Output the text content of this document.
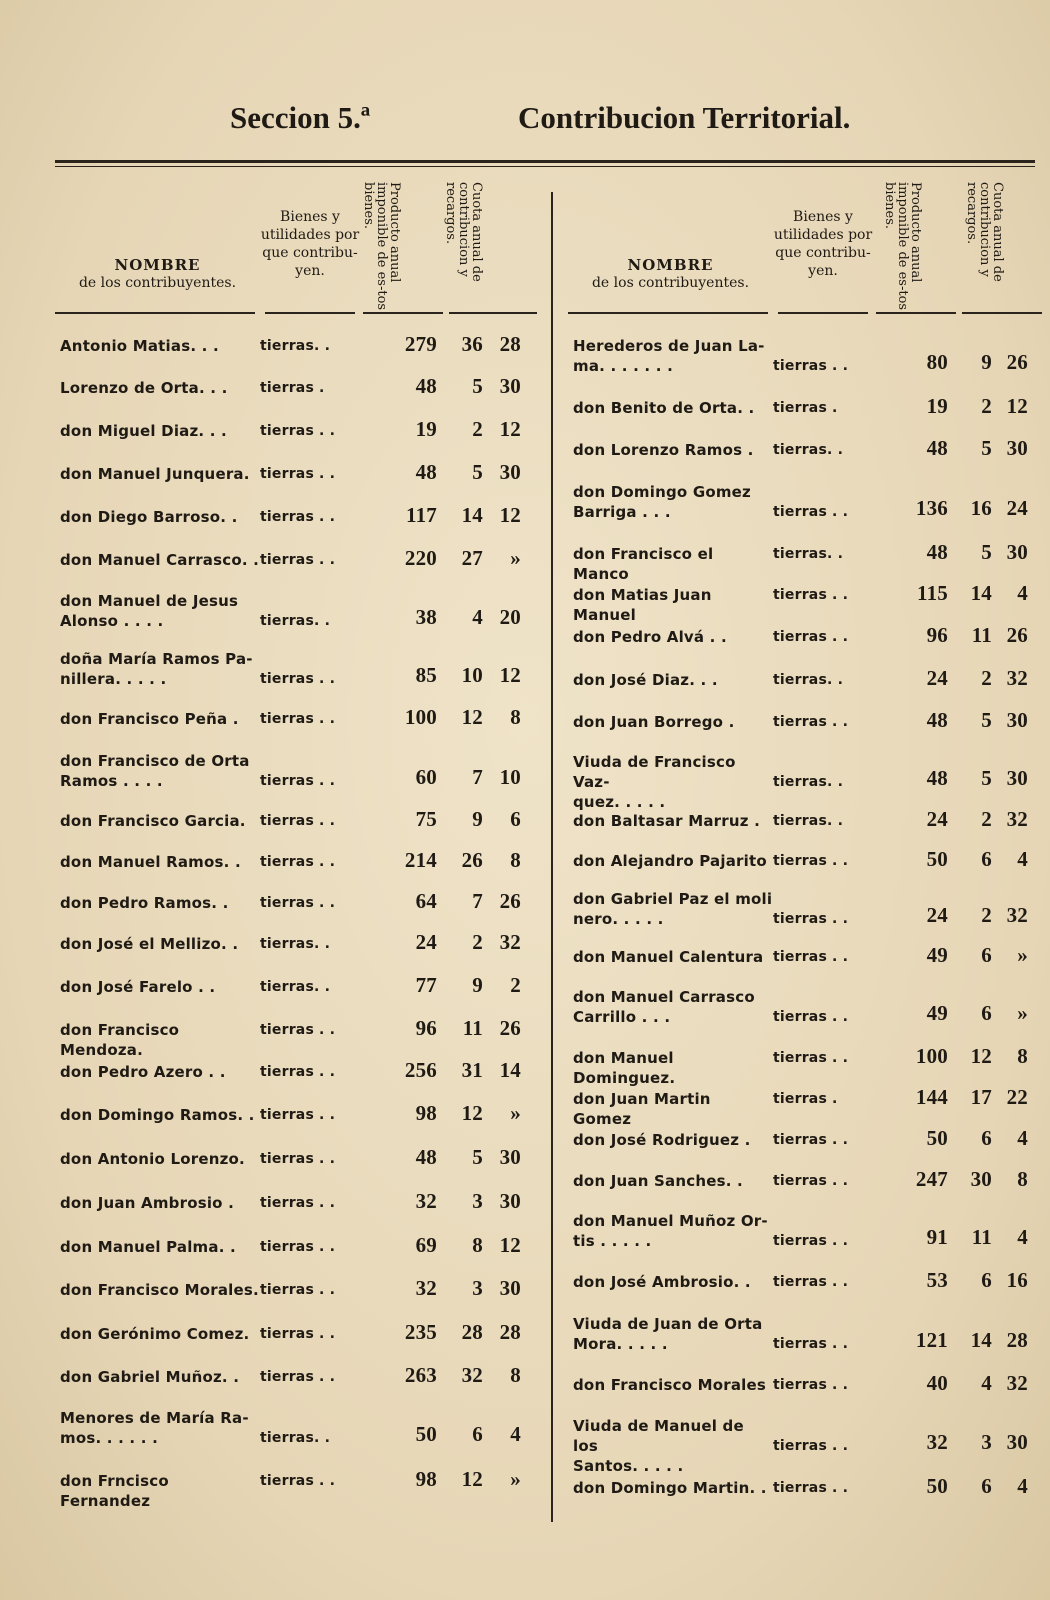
Seccion 5.ª	Contribucion Territorial.
NOMBRE
de los contribuyentes.
Bienes y utilidades por que contribu-yen.	Producto anual imponible de es-tos bienes.	Cuota anual de contribucion y recargos.
Antonio Matias. . .	tierras. .	279	36 28
Lorenzo de Orta. . .	tierras .	48	5 30
don Miguel Diaz. . .	tierras . .	19	2 12
don Manuel Junquera. tierras . .	48	5 30
don Diego Barroso. .	tierras . .	117	14 12
don Manuel Carrasco. . tierras . .	220	27	»
don Manuel de Jesus
Alonso . . . .	tierras. .	38	4 20
doña María Ramos Pa-
nillera. . . . .	tierras . .	85	10 12
don Francisco Peña .	tierras . .	100	12	8
don Francisco de Orta
Ramos . . . .	tierras . .	60	7 10
don Francisco Garcia.	tierras . .	75	9	6
don Manuel Ramos. .	tierras . .	214	26	8
don Pedro Ramos. .	tierras . .	64	7 26
don José el Mellizo. .	tierras. .	24	2 32
don José Farelo . .	tierras. .	77	9	2
don Francisco Mendoza.
tierras . .	96	11 26
don Pedro Azero . .	tierras . .	256	31 14
don Domingo Ramos. . tierras . .	98	12	»
don Antonio Lorenzo.	tierras . .	48	5 30
don Juan Ambrosio .	tierras . .	32	3 30
don Manuel Palma. .	tierras . .	69	8 12
don Francisco Morales. tierras . .	32	3 30
don Gerónimo Comez. tierras . .	235	28 28
don Gabriel Muñoz. .	tierras . .	263	32	8
Menores de María Ra-
mos. . . . . .	tierras. .	50	6	4
don Frnciscо Fernandez
tierras . .	98	12	»
NOMBRE
de los contribuyentes.
Bienes y utilidades por que contribu-yen.	Producto anual imponible de es-tos bienes.	Cuota anual de contribucion y recargos.
Herederos de Juan La-
ma. . . . . . .	tierras . .	80	9 26
don Benito de Orta. .	tierras .	19	2 12
don Lorenzo Ramos .	tierras. .	48	5 30
don Domingo Gomez
Barriga . . .	tierras . .	136	16 24
don Francisco el Manco
tierras. .	48	5 30
don Matias Juan Manuel
tierras . .	115	14	4
don Pedro Alvá . .	tierras . .	96	11 26
don José Diaz. . .	tierras. .	24	2 32
don Juan Borrego .	tierras . .	48	5 30
Viuda de Francisco Vaz-
quez. . . . .
tierras. .	48	5 30
don Baltasar Marruz . tierras. .	24	2 32
don Alejandro Pajarito tierras . .	50	6	4
don Gabriel Paz el moli
nero. . . . .	tierras . .	24	2 32
don Manuel Calentura tierras . .	49	6	»
don Manuel Carrasco
Carrillo . . .	tierras . .	49	6	»
don Manuel Dominguez.
tierras . .	100	12	8
don Juan Martin Gomez
tierras .	144	17 22
don José Rodriguez .	tierras . .	50	6	4
don Juan Sanches. .	tierras . .	247	30	8
don Manuel Muñoz Or-
tis . . . . .	tierras . .	91	11	4
don José Ambrosio. .	tierras . .	53	6 16
Viuda de Juan de Orta
Mora. . . . .	tierras . .	121	14 28
don Francisco Morales tierras . .	40	4 32
Viuda de Manuel de los
Santos. . . . .
tierras . .	32	3 30
don Domingo Martin. . tierras . .	50	6	4
